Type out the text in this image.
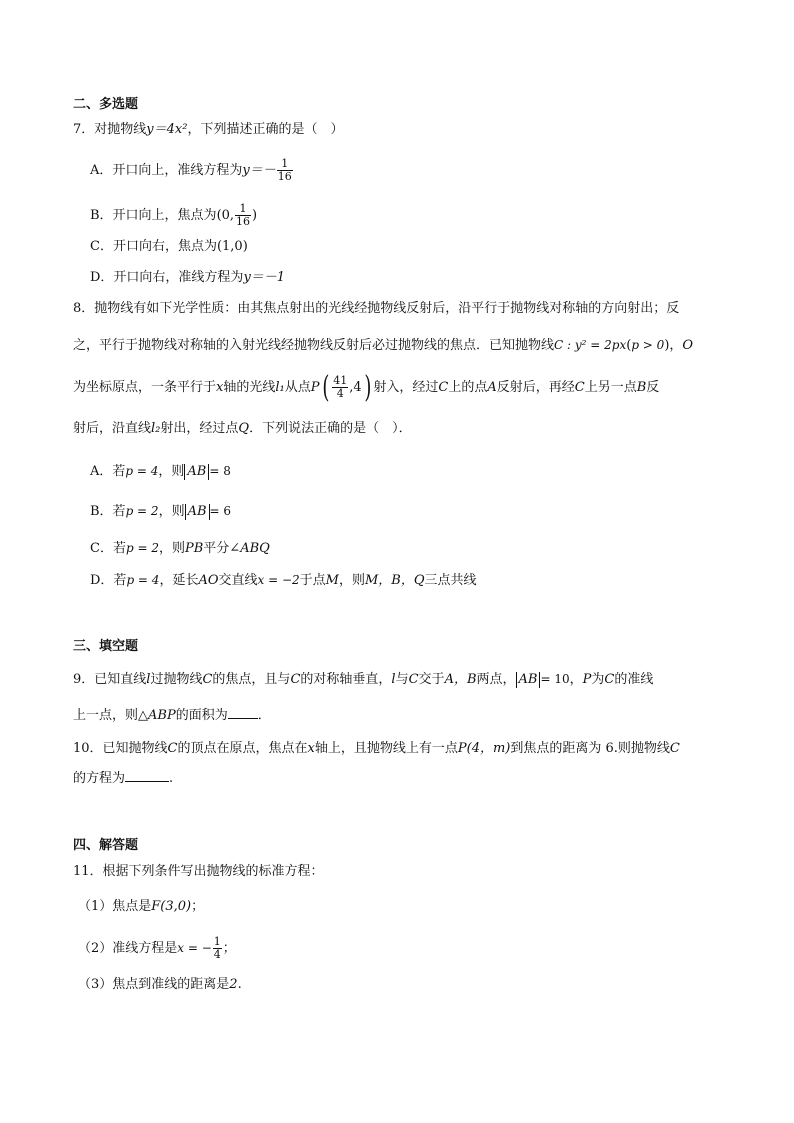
二、多选题
7．对抛物线y＝4x²，下列描述正确的是（　）
A．开口向上，准线方程为$y=- \frac{1}{16}$
B．开口向上，焦点为(0, $\frac{1}{16}$ )
C．开口向右，焦点为(1,0)
D．开口向右，准线方程为y＝－1
8．抛物线有如下光学性质：由其焦点射出的光线经抛物线反射后，沿平行于抛物线对称轴的方向射出；反
之，平行于抛物线对称轴的入射光线经抛物线反射后必过抛物线的焦点．已知抛物线C : y² = 2px(p > 0)，O
为坐标原点，一条平行于x轴的光线l₁从点$P( \frac{41}{4} ,4)$ 射入，经过C上的点A反射后，再经C上另一点B反
射后，沿直线l₂射出，经过点Q．下列说法正确的是（　）．
A．若p = 4，则 AB = 8
B．若p = 2，则 AB = 6
C．若p = 2，则PB平分∠ABQ
D．若p = 4，延长AO交直线x = −2于点M，则M，B，Q三点共线
三、填空题
9．已知直线l过抛物线C的焦点，且与C的对称轴垂直，l与C交于A，B两点， AB = 10，P为C的准线
上一点，则△ABP的面积为 ．
10．已知抛物线C的顶点在原点，焦点在x轴上，且抛物线上有一点P(4，m)到焦点的距离为 6.则抛物线C
的方程为	.
四、解答题
11．根据下列条件写出抛物线的标准方程：
（1）焦点是F(3,0)；
（2）准线方程是x = − $\frac{1}{4}$ ；
（3）焦点到准线的距离是2.
